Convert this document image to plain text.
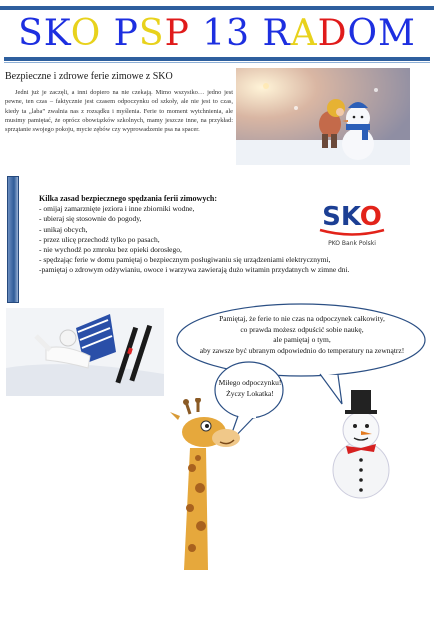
SKO PSP 13 RADOM
Bezpieczne i zdrowe ferie zimowe z SKO
Jedni już je zaczęli, a inni dopiero na nie czekają. Mimo wszystko… jedno jest pewne, ten czas – faktycznie jest czasem odpoczynku od szkoły, ale nie jest to czas, kiedy ta „laba” zwalnia nas z rozsądku i myślenia. Ferie to moment wytchnienia, ale musimy pamiętać, że oprócz obowiązków szkolnych, mamy jeszcze inne, na przykład: sprzątanie swojego pokoju, mycie zębów czy wyprowadzenie psa na spacer.
Kilka zasad bezpiecznego spędzania ferii zimowych:
- omijaj zamarznięte jeziora i inne zbiorniki wodne,
- ubieraj się stosownie do pogody,
- unikaj obcych,
- przez ulicę przechodź tylko po pasach,
- nie wychodź po zmroku bez opieki dorosłego,
- spędzając ferie w domu pamiętaj o bezpiecznym posługiwaniu się urządzeniami elektrycznymi,
-pamiętaj o zdrowym odżywianiu, owoce i warzywa zawierają dużo witamin przydatnych w zimne dni.
SKO
PKO Bank Polski
Pamiętaj, że ferie to nie czas na odpoczynek całkowity,
co prawda możesz odpuścić sobie naukę,
ale pamiętaj o tym,
aby zawsze być ubranym odpowiednio do temperatury na zewnątrz!
Miłego odpoczynku!
Życzy Lokatka!
